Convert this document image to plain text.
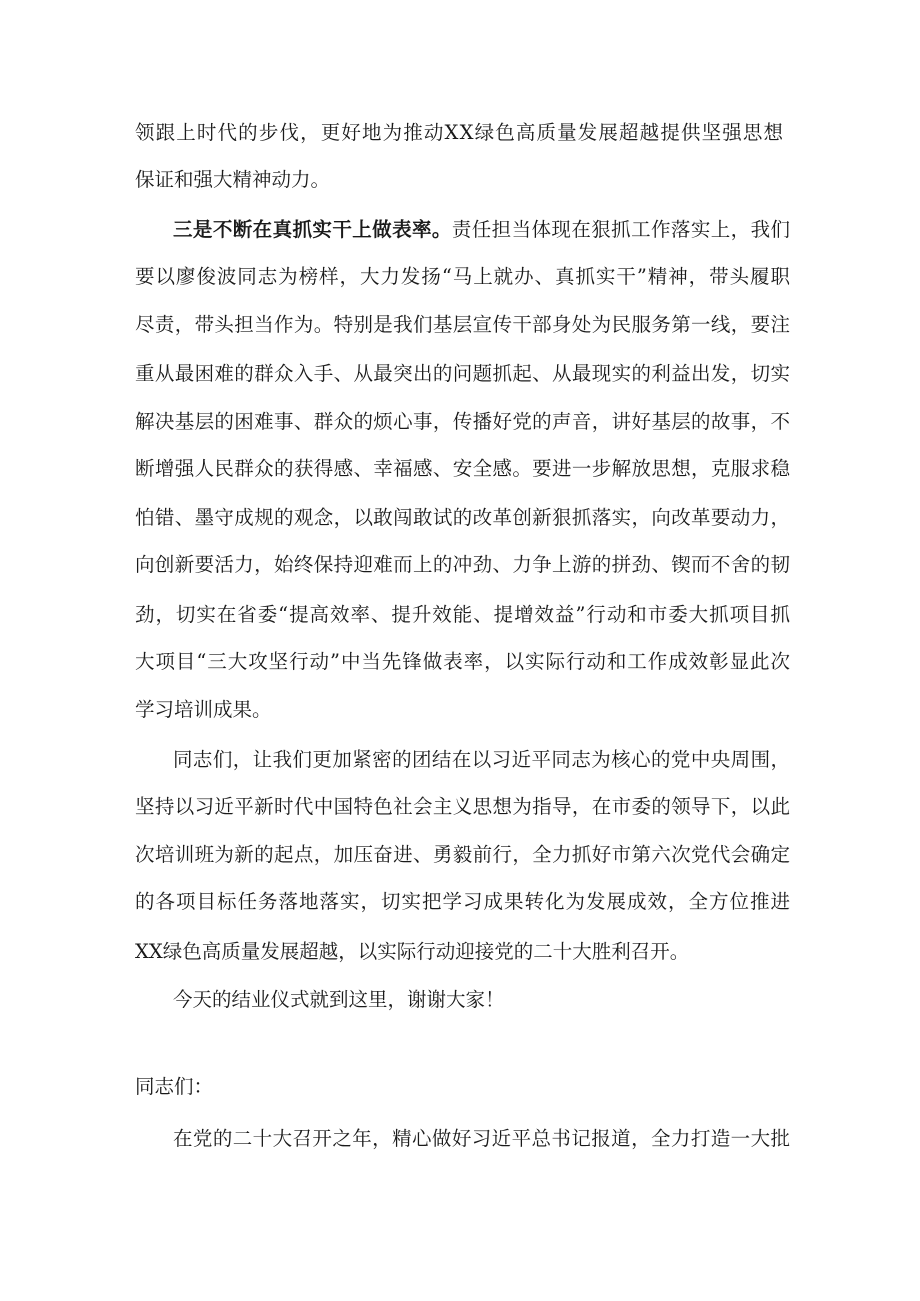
领跟上时代的步伐，更好地为推动XX绿色高质量发展超越提供坚强思想
保证和强大精神动力。
三是不断在真抓实干上做表率。责任担当体现在狠抓工作落实上，我们
要以廖俊波同志为榜样，大力发扬“马上就办、真抓实干”精神，带头履职
尽责，带头担当作为。特别是我们基层宣传干部身处为民服务第一线，要注
重从最困难的群众入手、从最突出的问题抓起、从最现实的利益出发，切实
解决基层的困难事、群众的烦心事，传播好党的声音，讲好基层的故事，不
断增强人民群众的获得感、幸福感、安全感。要进一步解放思想，克服求稳
怕错、墨守成规的观念，以敢闯敢试的改革创新狠抓落实，向改革要动力，
向创新要活力，始终保持迎难而上的冲劲、力争上游的拼劲、锲而不舍的韧
劲，切实在省委“提高效率、提升效能、提增效益”行动和市委大抓项目抓
大项目“三大攻坚行动”中当先锋做表率，以实际行动和工作成效彰显此次
学习培训成果。
同志们，让我们更加紧密的团结在以习近平同志为核心的党中央周围，
坚持以习近平新时代中国特色社会主义思想为指导，在市委的领导下，以此
次培训班为新的起点，加压奋进、勇毅前行，全力抓好市第六次党代会确定
的各项目标任务落地落实，切实把学习成果转化为发展成效，全方位推进
XX绿色高质量发展超越，以实际行动迎接党的二十大胜利召开。
今天的结业仪式就到这里，谢谢大家！
同志们：
在党的二十大召开之年，精心做好习近平总书记报道，全力打造一大批
